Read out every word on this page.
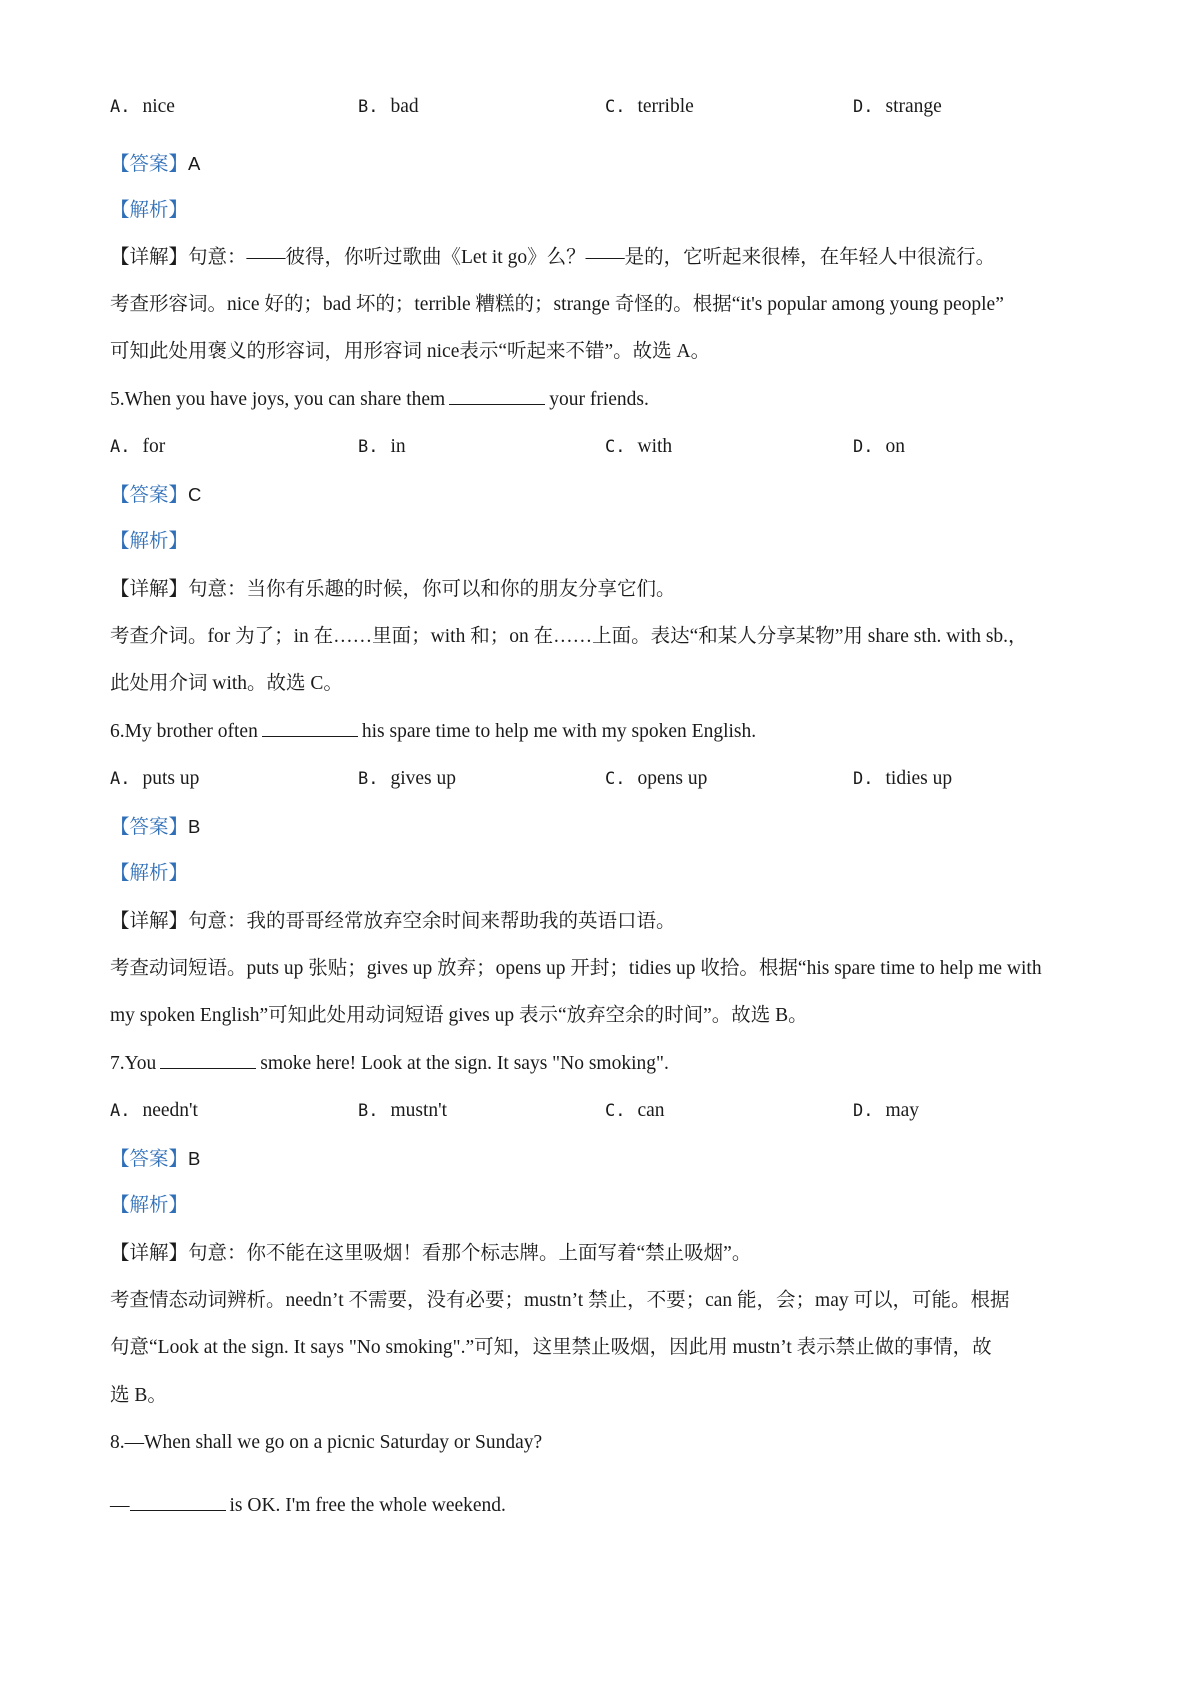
A. nice	B. bad	C. terrible	D. strange
【答案】A
【解析】
【详解】句意：——彼得，你听过歌曲《Let it go》么？——是的，它听起来很棒，在年轻人中很流行。
考查形容词。nice 好的；bad 坏的；terrible 糟糕的；strange 奇怪的。根据“it's popular among young people”
可知此处用褒义的形容词，用形容词 nice表示“听起来不错”。故选 A。
5.When you have joys, you can share them	your friends.
A. for	B. in	C. with	D. on
【答案】C
【解析】
【详解】句意：当你有乐趣的时候，你可以和你的朋友分享它们。
考查介词。for 为了；in 在……里面；with 和；on 在……上面。表达“和某人分享某物”用 share sth. with sb.，
此处用介词 with。故选 C。
6.My brother often	his spare time to help me with my spoken English.
A. puts up	B. gives up	C. opens up	D. tidies up
【答案】B
【解析】
【详解】句意：我的哥哥经常放弃空余时间来帮助我的英语口语。
考查动词短语。puts up 张贴；gives up 放弃；opens up 开封；tidies up 收拾。根据“his spare time to help me with
my spoken English”可知此处用动词短语 gives up 表示“放弃空余的时间”。故选 B。
7.You	smoke here! Look at the sign. It says "No smoking".
A. needn't	B. mustn't	C. can	D. may
【答案】B
【解析】
【详解】句意：你不能在这里吸烟！看那个标志牌。上面写着“禁止吸烟”。
考查情态动词辨析。needn’t 不需要，没有必要；mustn’t 禁止，不要；can 能，会；may 可以，可能。根据
句意“Look at the sign. It says "No smoking".”可知，这里禁止吸烟，因此用 mustn’t 表示禁止做的事情，故
选 B。
8.—When shall we go on a picnic Saturday or Sunday?
—	is OK. I'm free the whole weekend.
